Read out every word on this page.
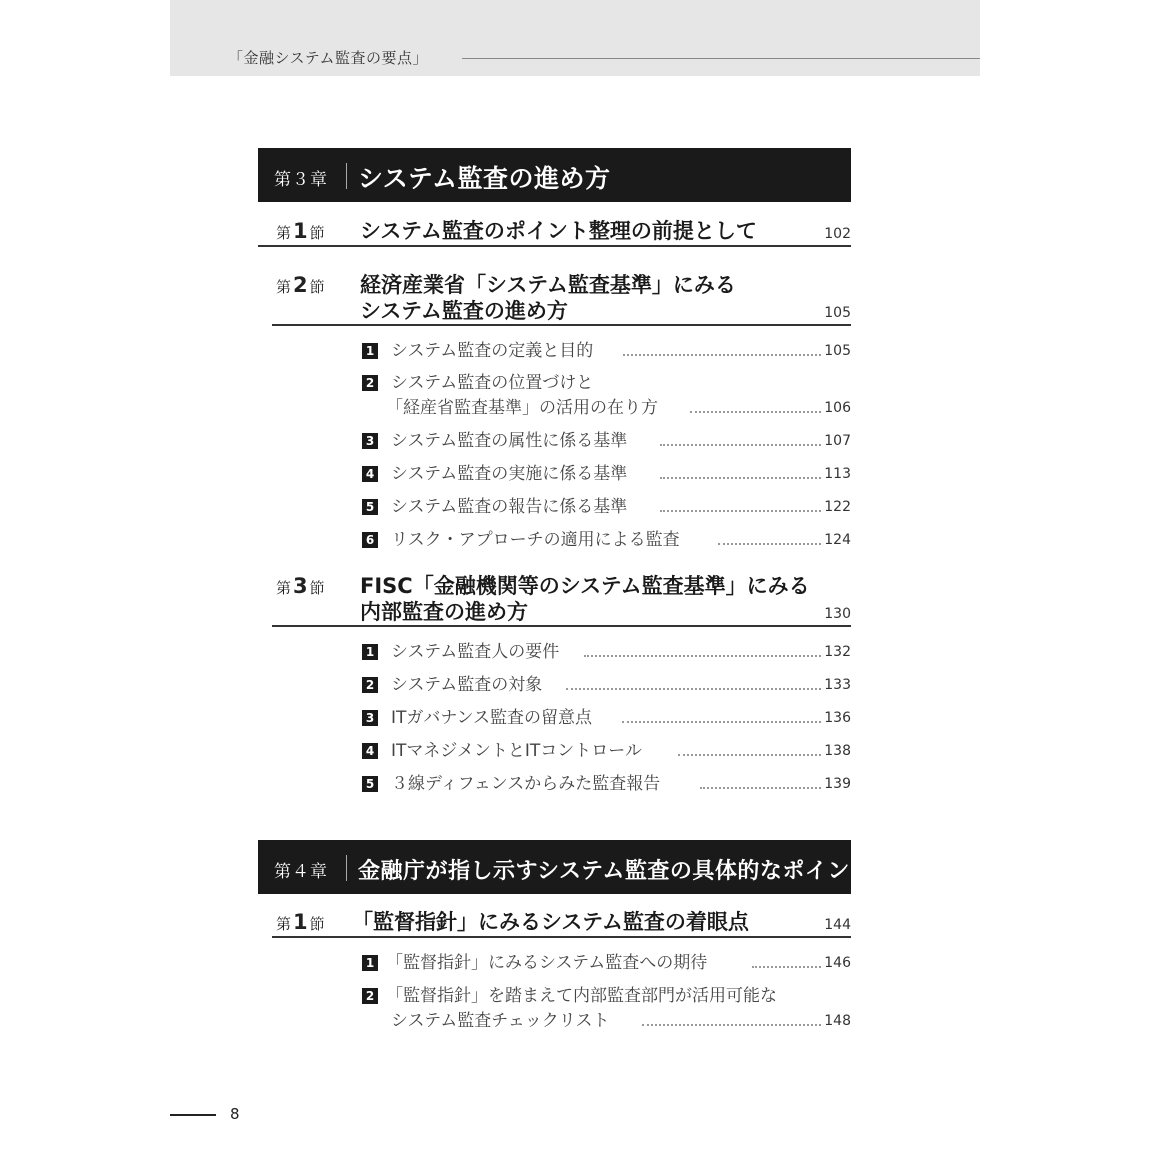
「金融システム監査の要点」
第３章 システム監査の進め方
第1 節 システム監査のポイント整理の前提として	102
第2 節 経済産業省「システム監査基準」にみる
システム監査の進め方	105
1 システム監査の定義と目的	105
2 システム監査の位置づけと
「経産省監査基準」の活用の在り方	106
3 システム監査の属性に係る基準	107
4 システム監査の実施に係る基準	113
5 システム監査の報告に係る基準	122
6 リスク・アプローチの適用による監査	124
第3 節 FISC「金融機関等のシステム監査基準」にみる
内部監査の進め方	130
1 システム監査人の要件	132
2 システム監査の対象	133
3 ITガバナンス監査の留意点	136
4 ITマネジメントとITコントロール	138
5 ３線ディフェンスからみた監査報告	139
第４章 金融庁が指し示すシステム監査の具体的なポイント
第1 節 「監督指針」にみるシステム監査の着眼点	144
1 「監督指針」にみるシステム監査への期待	146
2 「監督指針」を踏まえて内部監査部門が活用可能な
システム監査チェックリスト	148
8
